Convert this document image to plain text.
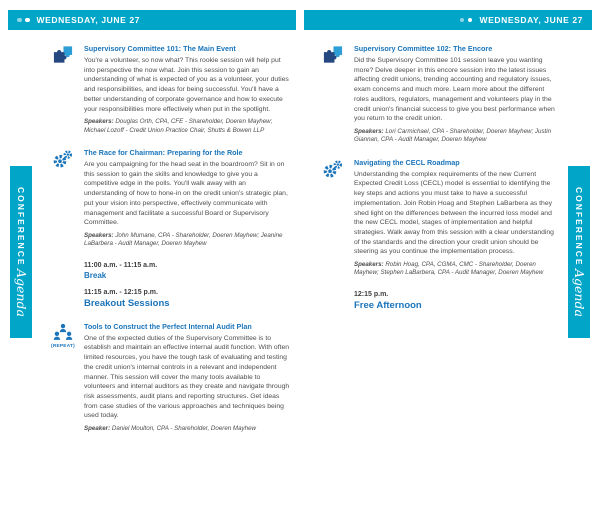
WEDNESDAY, JUNE 27
CONFERENCEAgenda
Supervisory Committee 101: The Main Event
You're a volunteer, so now what? This rookie session will help put into perspective the now what. Join this session to gain an understanding of what is expected of you as a volunteer, your duties and responsibilities, and ideas for being successful. You'll have a better understanding of corporate governance and how to execute your responsibilities more effectively when put in the spotlight.
Speakers: Douglas Orth, CPA, CFE - Shareholder, Doeren Mayhew; Michael Lozoff - Credit Union Practice Chair, Shutts & Bowen LLP
The Race for Chairman: Preparing for the Role
Are you campaigning for the head seat in the boardroom? Sit in on this session to gain the skills and knowledge to give you a competitive edge in the polls. You'll walk away with an understanding of how to hone-in on the credit union's strategic plan, put your vision into perspective, effectively communicate with management and facilitate a successful Board or Supervisory Committee.
Speakers: John Mumane, CPA - Shareholder, Doeren Mayhew; Jeanine LaBarbera - Audit Manager, Doeren Mayhew
11:00 a.m. - 11:15 a.m.
Break
11:15 a.m. - 12:15 p.m.
Breakout Sessions
(REPEAT)
Tools to Construct the Perfect Internal Audit Plan
One of the expected duties of the Supervisory Committee is to establish and maintain an effective internal audit function. With often limited resources, you have the tough task of evaluating and testing the credit union's internal controls in a relevant and independent manner. This session will cover the many tools available to volunteers and internal auditors as they create and navigate through risk assessments, audit plans and reporting structures. Get ideas from case studies of the various approaches and techniques being used today.
Speaker: Daniel Moulton, CPA - Shareholder, Doeren Mayhew
WEDNESDAY, JUNE 27
CONFERENCEAgenda
Supervisory Committee 102: The Encore
Did the Supervisory Committee 101 session leave you wanting more? Delve deeper in this encore session into the latest issues affecting credit unions, trending accounting and regulatory issues, exam concerns and much more. Learn more about the different roles auditors, regulators, management and volunteers play in the credit union's financial success to give you best performance when you return to the credit union.
Speakers: Lori Carmichael, CPA - Shareholder, Doeren Mayhew; Justin Giannan, CPA - Audit Manager, Doeren Mayhew
Navigating the CECL Roadmap
Understanding the complex requirements of the new Current Expected Credit Loss (CECL) model is essential to identifying the key steps and actions you must take to have a successful implementation. Join Robin Hoag and Stephen LaBarbera as they shed light on the differences between the incurred loss model and the new CECL model, stages of implementation and helpful strategies. Walk away from this session with a clear understanding of the standards and the direction your credit union should be steering as you continue the implementation process.
Speakers: Robin Hoag, CPA, CGMA, CMC - Shareholder, Doeren Mayhew; Stephen LaBarbera, CPA - Audit Manager, Doeren Mayhew
12:15 p.m.
Free Afternoon
